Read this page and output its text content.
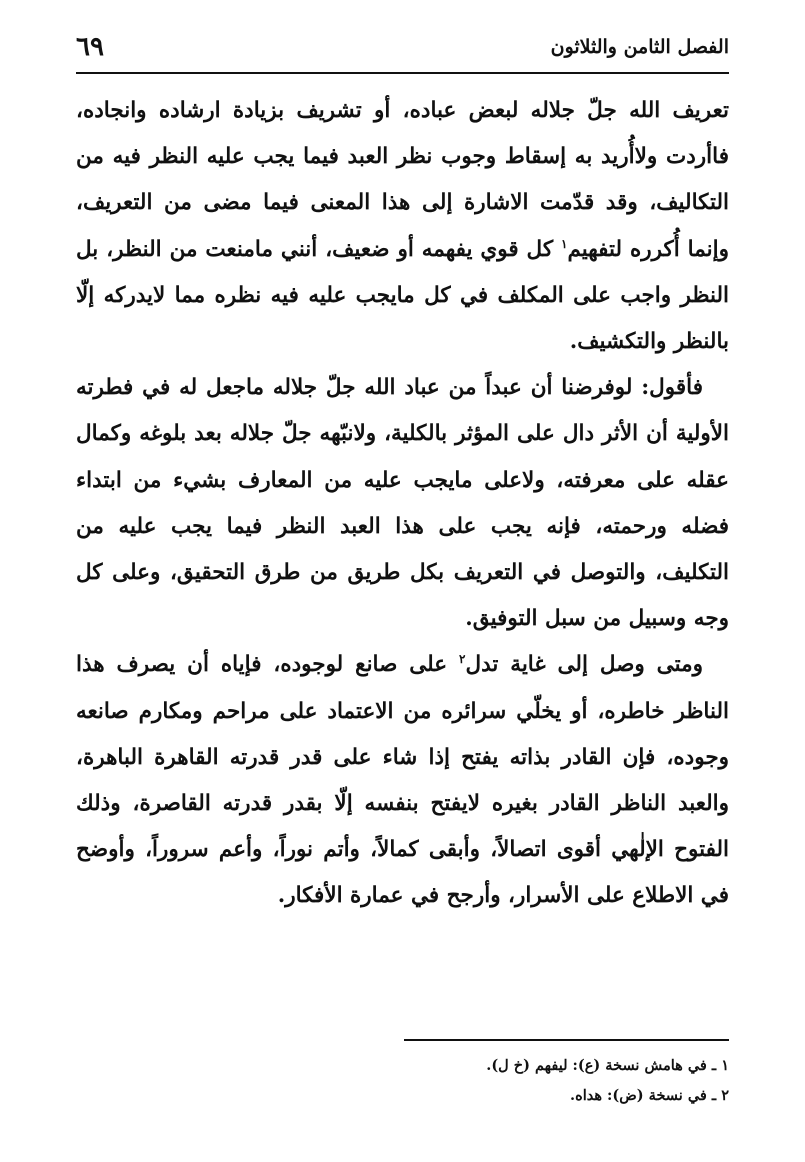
الفصل الثامن والثلاثون
٦٩

تعريف الله جلّ جلاله لبعض عباده، أو تشريف بزيادة ارشاده وانجاده، فاأردت ولاأُريد به إسقاط وجوب نظر العبد فيما يجب عليه النظر فيه من التكاليف، وقد قدّمت الاشارة إلى هذا المعنى فيما مضى من التعريف، وإنما أُكرره لتفهيم$^١$ كل قوي يفهمه أو ضعيف، أنني مامنعت من النظر، بل النظر واجب على المكلف في كل مايجب عليه فيه نظره مما لايدركه إلّا بالنظر والتكشيف.

فأقول: لوفرضنا أن عبداً من عباد الله جلّ جلاله ماجعل له في فطرته الأولية أن الأثر دال على المؤثر بالكلية، ولانبّهه جلّ جلاله بعد بلوغه وكمال عقله على معرفته، ولاعلى مايجب عليه من المعارف بشيء من ابتداء فضله ورحمته، فإنه يجب على هذا العبد النظر فيما يجب عليه من التكليف، والتوصل في التعريف بكل طريق من طرق التحقيق، وعلى كل وجه وسبيل من سبل التوفيق.

ومتى وصل إلى غاية تدل$^٢$ على صانع لوجوده، فإياه أن يصرف هذا الناظر خاطره، أو يخلّي سرائره من الاعتماد على مراحم ومكارم صانعه وجوده، فإن القادر بذاته يفتح إذا شاء على قدر قدرته القاهرة الباهرة، والعبد الناظر القادر بغيره لايفتح بنفسه إلّا بقدر قدرته القاصرة، وذلك الفتوح الإلٰهي أقوى اتصالاً، وأبقى كمالاً، وأتم نوراً، وأعم سروراً، وأوضح في الاطلاع على الأسرار، وأرجح في عمارة الأفكار.

١ ـ في هامش نسخة (ع): ليفهم (خ ل).

٢ ـ في نسخة (ض): هداه.
